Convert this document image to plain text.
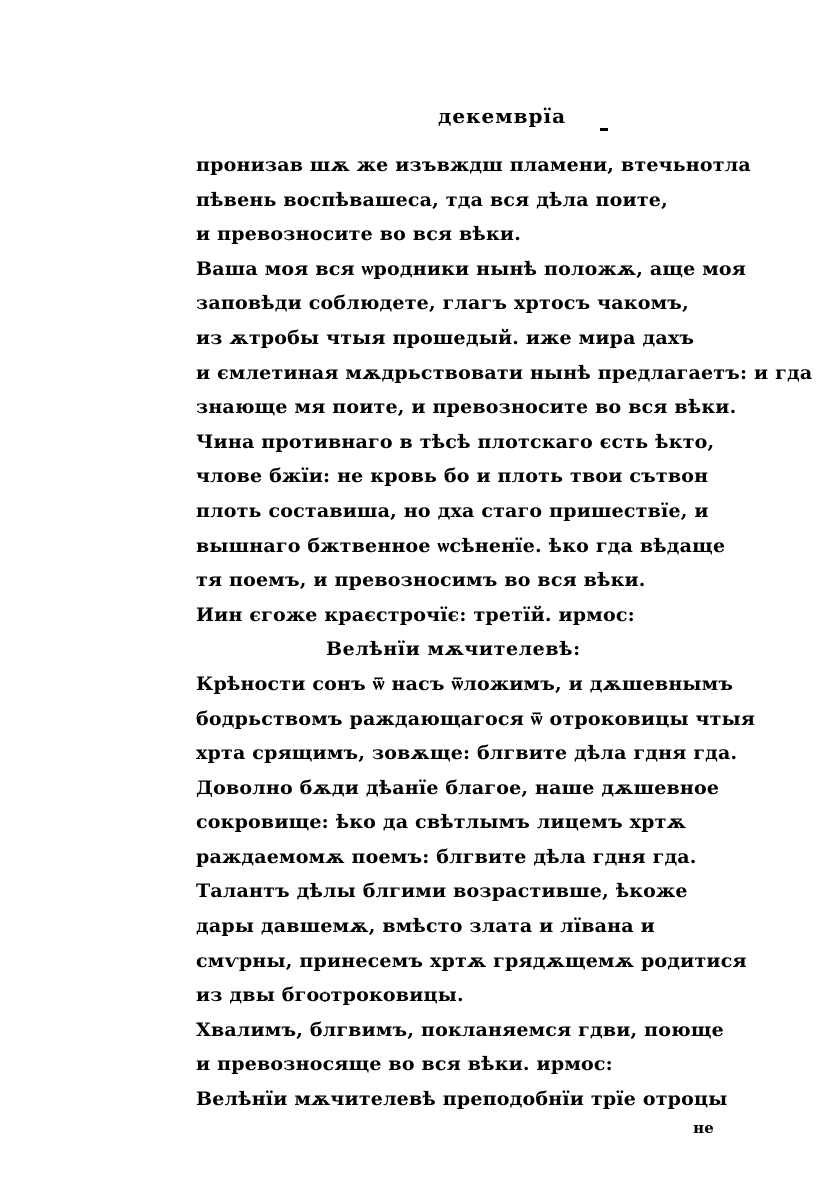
декемврїа
пронизав шѫ же изъвждш пламени, втечьнотла
пѣвень воспѣвашеса, тда вся дѣла поите,
и превозносите во вся вѣки.
Ваша моя вся ѡродники нынѣ положѫ, аще моя
заповѣди соблюдете, глагъ хртосъ чакомъ,
из ѫтробы чтыя прошедый. иже мира дахъ
и ємлетиная мѫдрьствовати нынѣ предлагаетъ: и гда
знающе мя поите, и превозносите во вся вѣки.
Чина противнаго в тѣсѣ плотскаго єсть ѣкто,
члове бжїи: не кровь бо и плоть твои сътвон
плоть составиша, но дха стаго пришествїе, и
вышнаго бжтвенное ѡсѣненїе. ѣко гда вѣдаще
тя поемъ, и превозносимъ во вся вѣки.
Иин єгоже краєстрочїє: третїй. ирмос:
Велѣнїи мѫчителевѣ:
Крѣности сонъ ѿ насъ ѿложимъ, и дѫшевнымъ
бодрьствомъ раждающагося ѿ отроковицы чтыя
хрта срящимъ, зовѫще: блгвите дѣла гдня гда.
Доволно бѫди дѣанїе благое, наше дѫшевное
сокровище: ѣко да свѣтлымъ лицемъ хртѫ
раждаемомѫ поемъ: блгвите дѣла гдня гда.
Талантъ дѣлы блгими возрастивше, ѣкоже
дары давшемѫ, вмѣсто злата и лївана и
смѵрны, принесемъ хртѫ грядѫщемѫ родитися
из двы бгоѻтроковицы.
Хвалимъ, блгвимъ, покланяемся гдви, поюще
и превозносяще во вся вѣки. ирмос:
Велѣнїи мѫчителевѣ преподобнїи трїе отроцы
не
